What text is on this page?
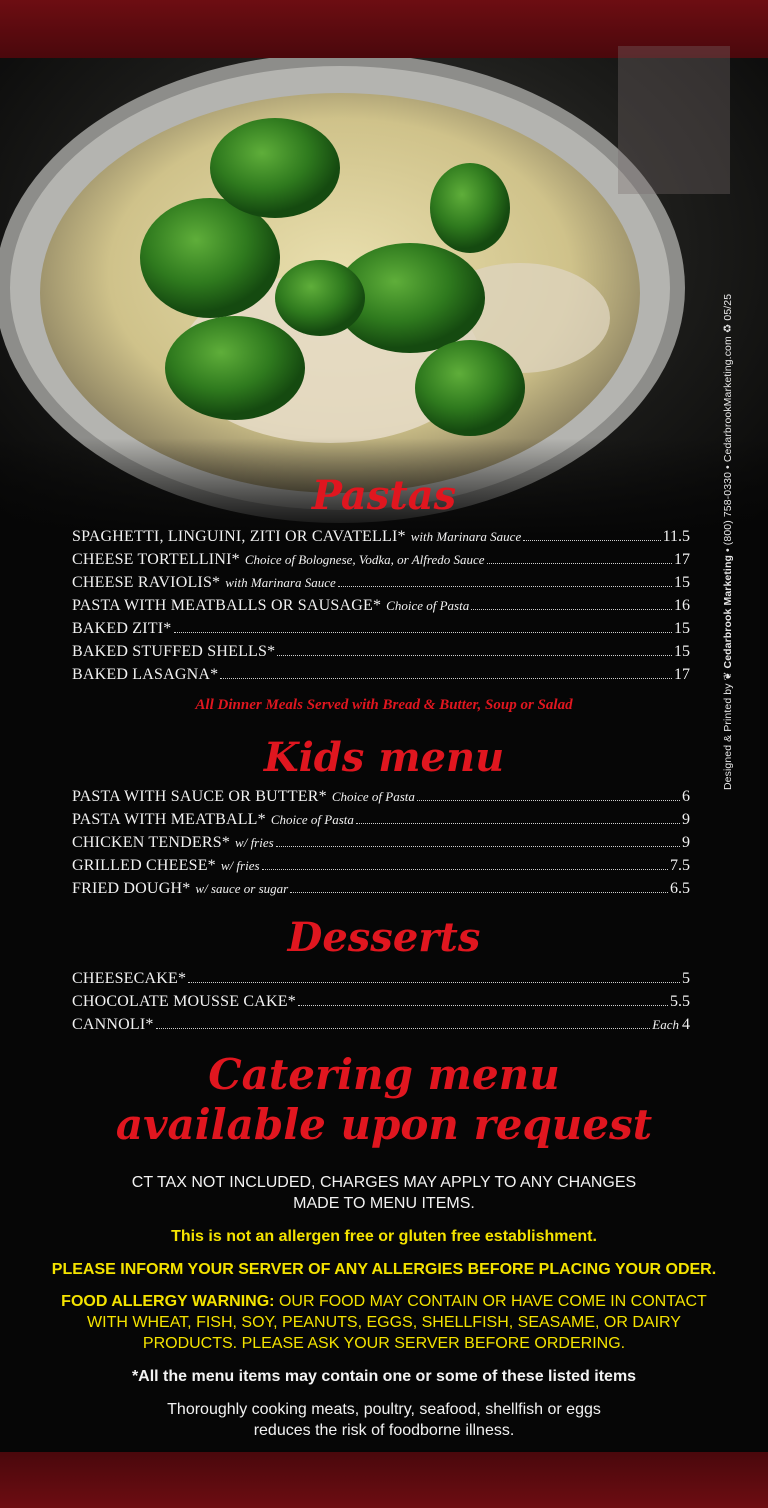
Designed & Printed by ❦ Cedarbrook Marketing • (800) 758-0330 • CedarbrookMarketing.com ♻ 05/25
Pastas
SPAGHETTI, LINGUINI, ZITI OR CAVATELLI* with Marinara Sauce	11.5
CHEESE TORTELLINI* Choice of Bolognese, Vodka, or Alfredo Sauce	17
CHEESE RAVIOLIS* with Marinara Sauce	15
PASTA WITH MEATBALLS OR SAUSAGE* Choice of Pasta	16
BAKED ZITI*	15
BAKED STUFFED SHELLS*	15
BAKED LASAGNA*	17
All Dinner Meals Served with Bread & Butter, Soup or Salad
Kids menu
PASTA WITH SAUCE OR BUTTER* Choice of Pasta	6
PASTA WITH MEATBALL* Choice of Pasta	9
CHICKEN TENDERS* w/ fries	9
GRILLED CHEESE* w/ fries	7.5
FRIED DOUGH* w/ sauce or sugar	6.5
Desserts
CHEESECAKE*	5
CHOCOLATE MOUSSE CAKE*	5.5
CANNOLI*	Each 4
Catering menu
available upon request
CT TAX NOT INCLUDED, CHARGES MAY APPLY TO ANY CHANGES
MADE TO MENU ITEMS.
This is not an allergen free or gluten free establishment.
PLEASE INFORM YOUR SERVER OF ANY ALLERGIES BEFORE PLACING YOUR ODER.
FOOD ALLERGY WARNING: OUR FOOD MAY CONTAIN OR HAVE COME IN CONTACT
WITH WHEAT, FISH, SOY, PEANUTS, EGGS, SHELLFISH, SEASAME, OR DAIRY
PRODUCTS. PLEASE ASK YOUR SERVER BEFORE ORDERING.
*All the menu items may contain one or some of these listed items
Thoroughly cooking meats, poultry, seafood, shellfish or eggs
reduces the risk of foodborne illness.
